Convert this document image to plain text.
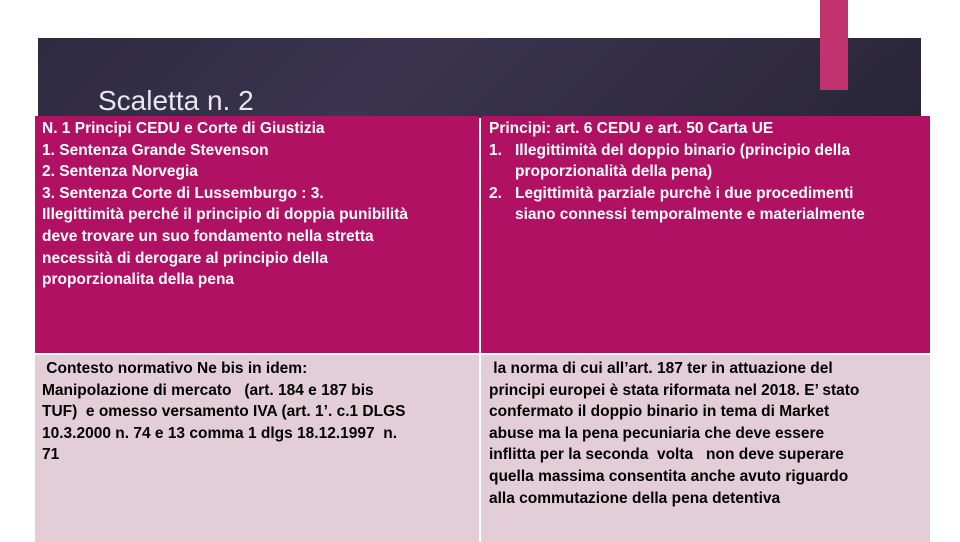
Scaletta n. 2
N. 1 Principi CEDU e Corte di Giustizia
1. Sentenza Grande Stevenson
2. Sentenza Norvegia
3. Sentenza Corte di Lussemburgo : 3.
Illegittimità perché il principio di doppia punibilità
deve trovare un suo fondamento nella stretta
necessità di derogare al principio della
proporzionalita della pena
Principi: art. 6 CEDU e art. 50 Carta UE
1. Illegittimità del doppio binario (principio della
proporzionalità della pena)
2. Legittimità parziale purchè i due procedimenti
siano connessi temporalmente e materialmente
Contesto normativo Ne bis in idem:
Manipolazione di mercato   (art. 184 e 187 bis
TUF)  e omesso versamento IVA (art. 1’. c.1 DLGS
10.3.2000 n. 74 e 13 comma 1 dlgs 18.12.1997  n.
71
la norma di cui all’art. 187 ter in attuazione del
principi europei è stata riformata nel 2018. E’ stato
confermato il doppio binario in tema di Market
abuse ma la pena pecuniaria che deve essere
inflitta per la seconda  volta   non deve superare
quella massima consentita anche avuto riguardo
alla commutazione della pena detentiva
